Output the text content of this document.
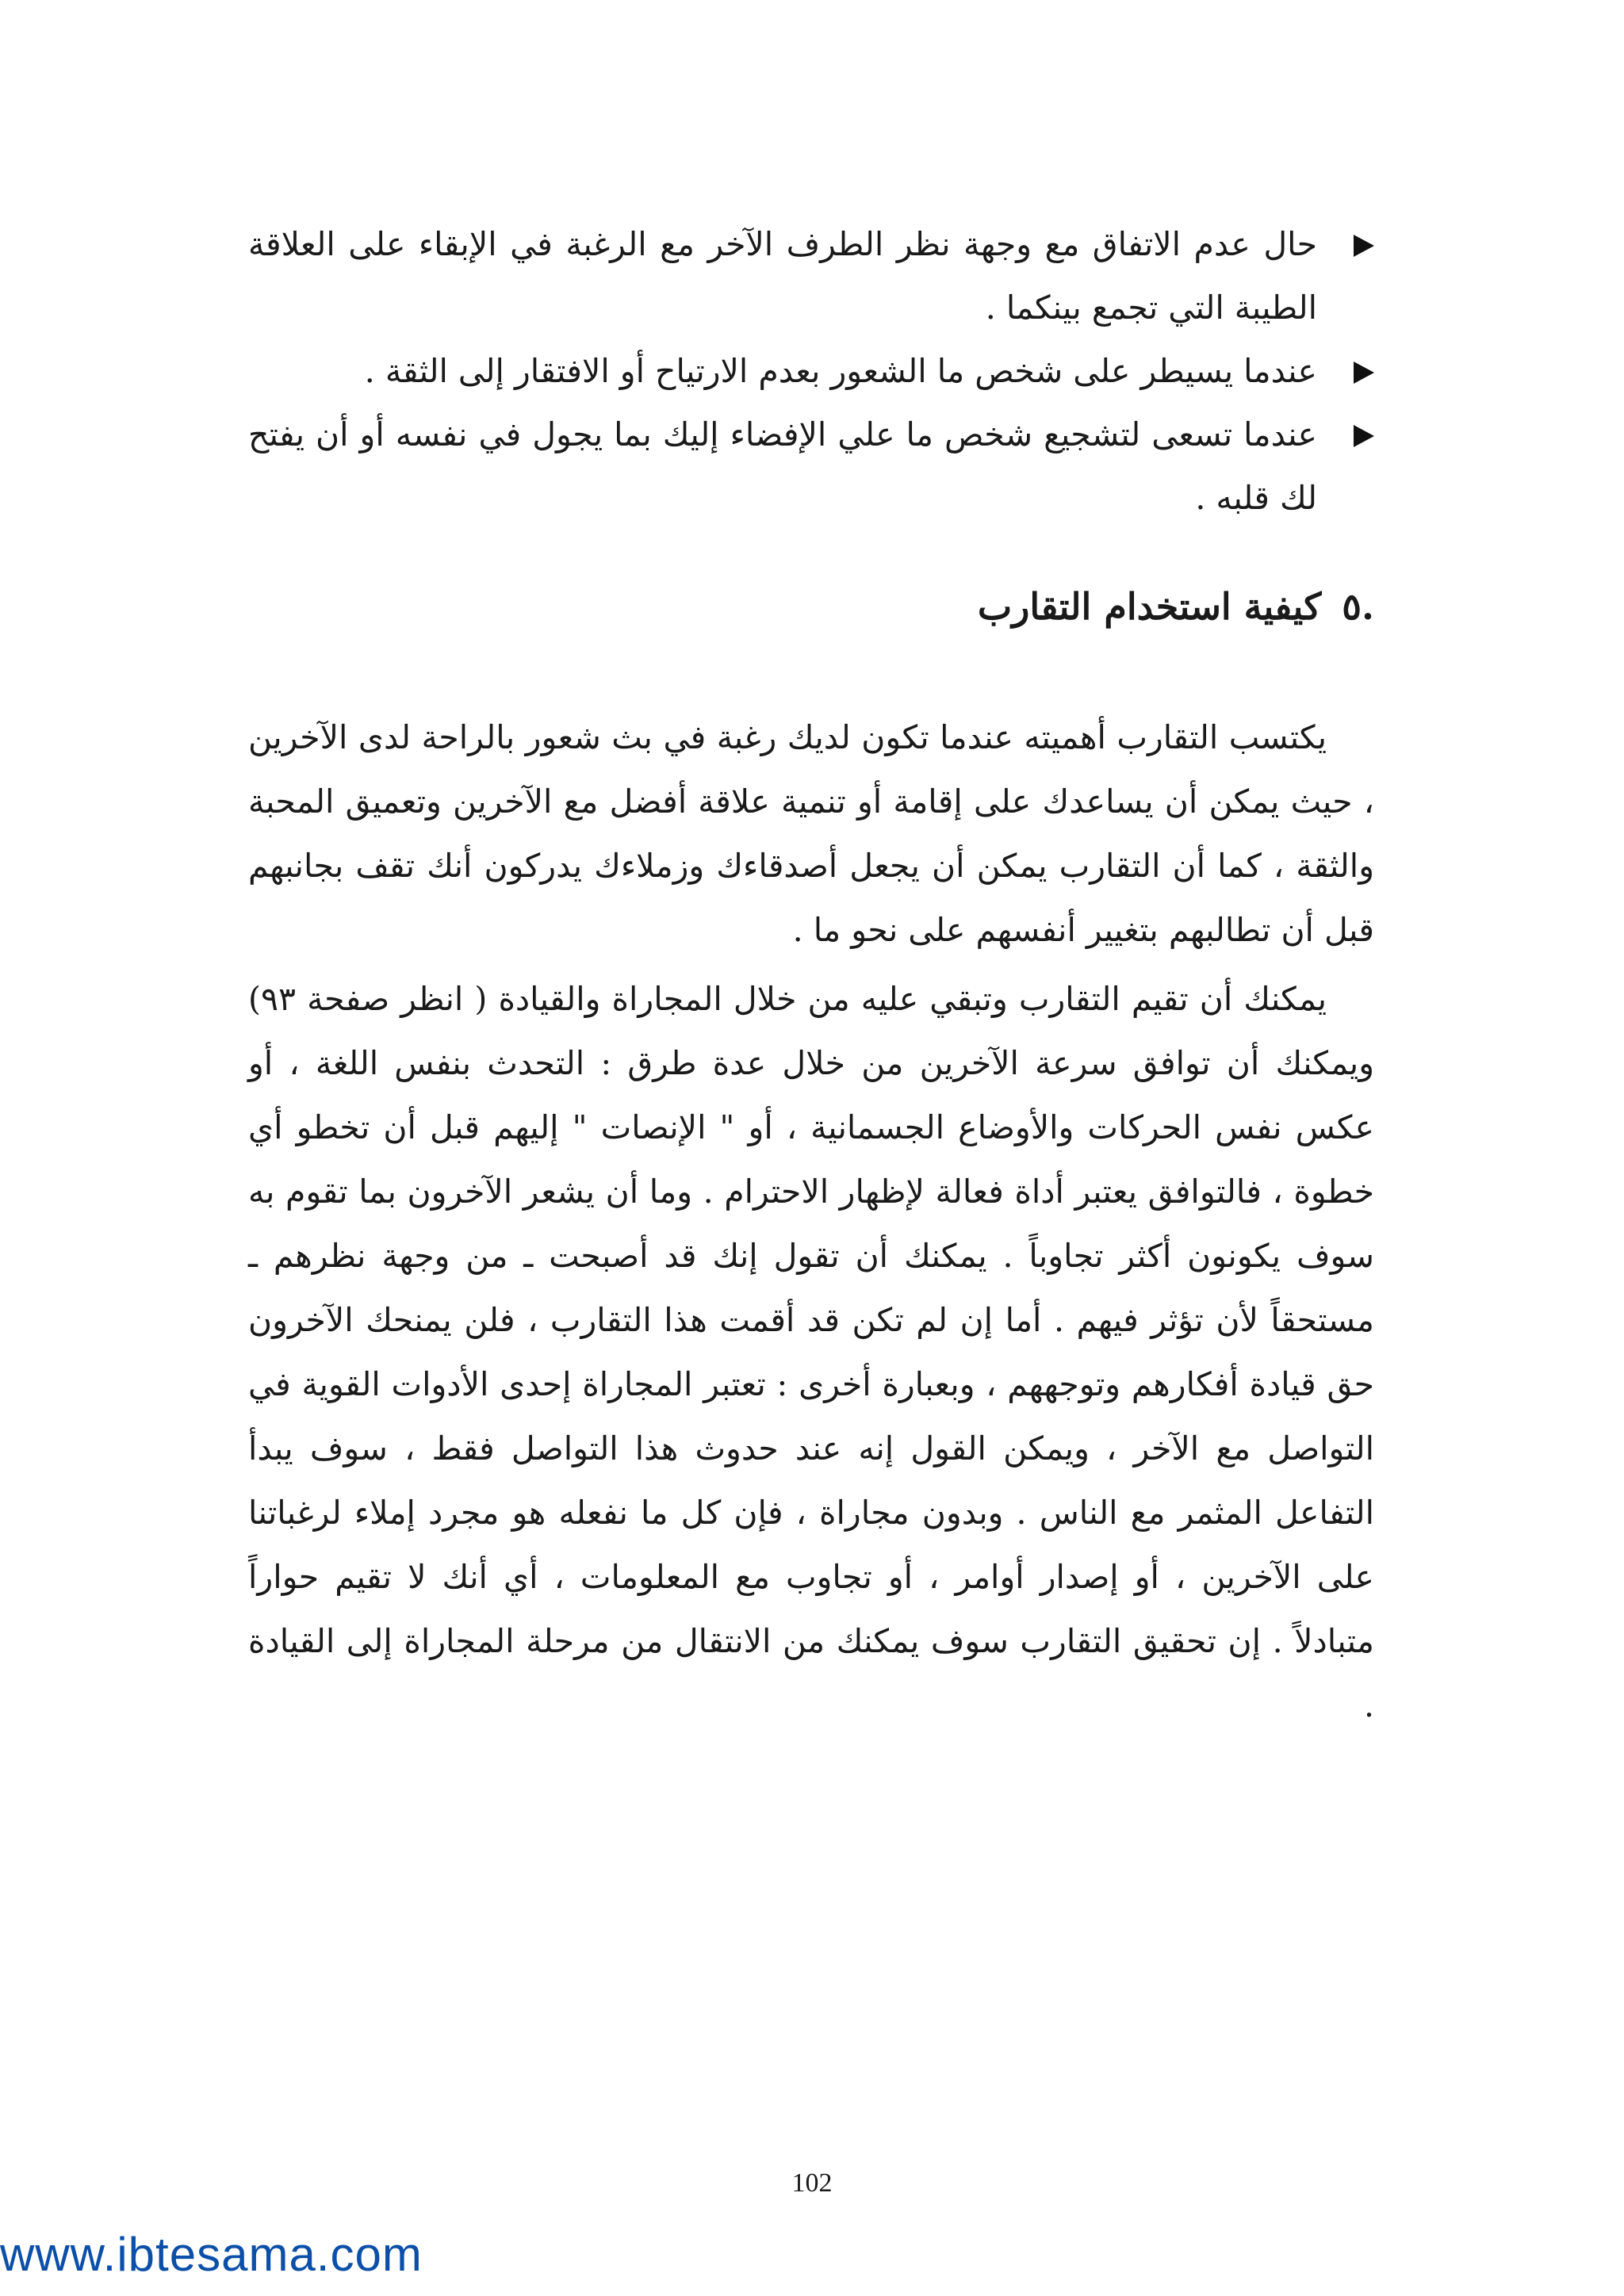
حال عدم الاتفاق مع وجهة نظر الطرف الآخر مع الرغبة في الإبقاء على العلاقة الطيبة التي تجمع بينكما .
عندما يسيطر على شخص ما الشعور بعدم الارتياح أو الافتقار إلى الثقة .
عندما تسعى لتشجيع شخص ما علي الإفضاء إليك بما يجول في نفسه أو أن يفتح لك قلبه .
.٥كيفية استخدام التقارب

يكتسب التقارب أهميته عندما تكون لديك رغبة في بث شعور بالراحة لدى الآخرين ، حيث يمكن أن يساعدك على إقامة أو تنمية علاقة أفضل مع الآخرين وتعميق المحبة والثقة ، كما أن التقارب يمكن أن يجعل أصدقاءك وزملاءك يدركون أنك تقف بجانبهم قبل أن تطالبهم بتغيير أنفسهم على نحو ما .

يمكنك أن تقيم التقارب وتبقي عليه من خلال المجاراة والقيادة ( انظر صفحة ٩٣) ويمكنك أن توافق سرعة الآخرين من خلال عدة طرق : التحدث بنفس اللغة ، أو عكس نفس الحركات والأوضاع الجسمانية ، أو " الإنصات " إليهم قبل أن تخطو أي خطوة ، فالتوافق يعتبر أداة فعالة لإظهار الاحترام . وما أن يشعر الآخرون بما تقوم به سوف يكونون أكثر تجاوباً . يمكنك أن تقول إنك قد أصبحت ـ من وجهة نظرهم ـ مستحقاً لأن تؤثر فيهم . أما إن لم تكن قد أقمت هذا التقارب ، فلن يمنحك الآخرون حق قيادة أفكارهم وتوجههم ، وبعبارة أخرى : تعتبر المجاراة إحدى الأدوات القوية في التواصل مع الآخر ، ويمكن القول إنه عند حدوث هذا التواصل فقط ، سوف يبدأ التفاعل المثمر مع الناس . وبدون مجاراة ، فإن كل ما نفعله هو مجرد إملاء لرغباتنا على الآخرين ، أو إصدار أوامر ، أو تجاوب مع المعلومات ، أي أنك لا تقيم حواراً متبادلاً . إن تحقيق التقارب سوف يمكنك من الانتقال من مرحلة المجاراة إلى القيادة .

102
www.ibtesama.com
